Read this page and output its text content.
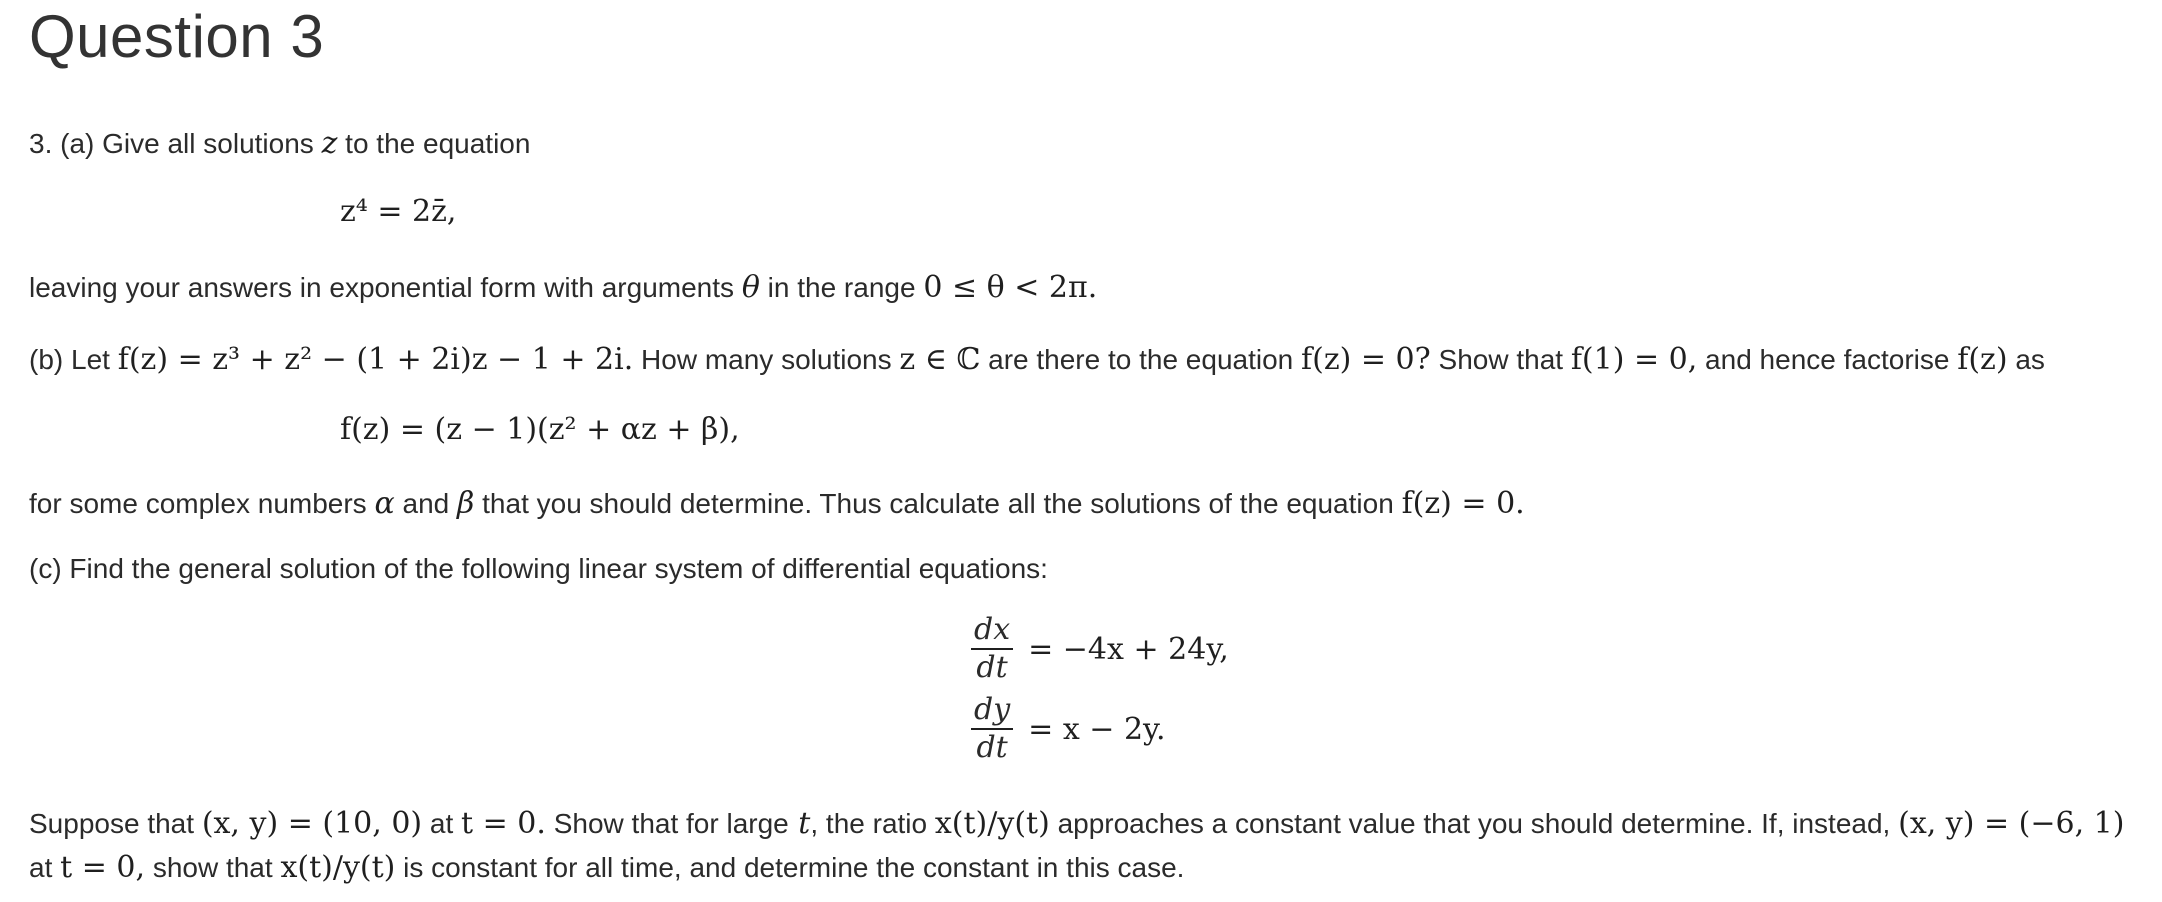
Question 3
3. (a) Give all solutions z to the equation
z⁴ = 2z̄,
leaving your answers in exponential form with arguments θ in the range 0 ≤ θ < 2π.
(b) Let f(z) = z³ + z² − (1 + 2i)z − 1 + 2i. How many solutions z ∈ ℂ are there to the equation f(z) = 0? Show that f(1) = 0, and hence factorise f(z) as
f(z) = (z − 1)(z² + αz + β),
for some complex numbers α and β that you should determine. Thus calculate all the solutions of the equation f(z) = 0.
(c) Find the general solution of the following linear system of differential equations:
$\frac{dx}{dt} = -4x + 24y$,
$\frac{dy}{dt} = x - 2y$.
Suppose that (x, y) = (10, 0) at t = 0. Show that for large t, the ratio x(t)/y(t) approaches a constant value that you should determine. If, instead, (x, y) = (−6, 1)
at t = 0, show that x(t)/y(t) is constant for all time, and determine the constant in this case.
